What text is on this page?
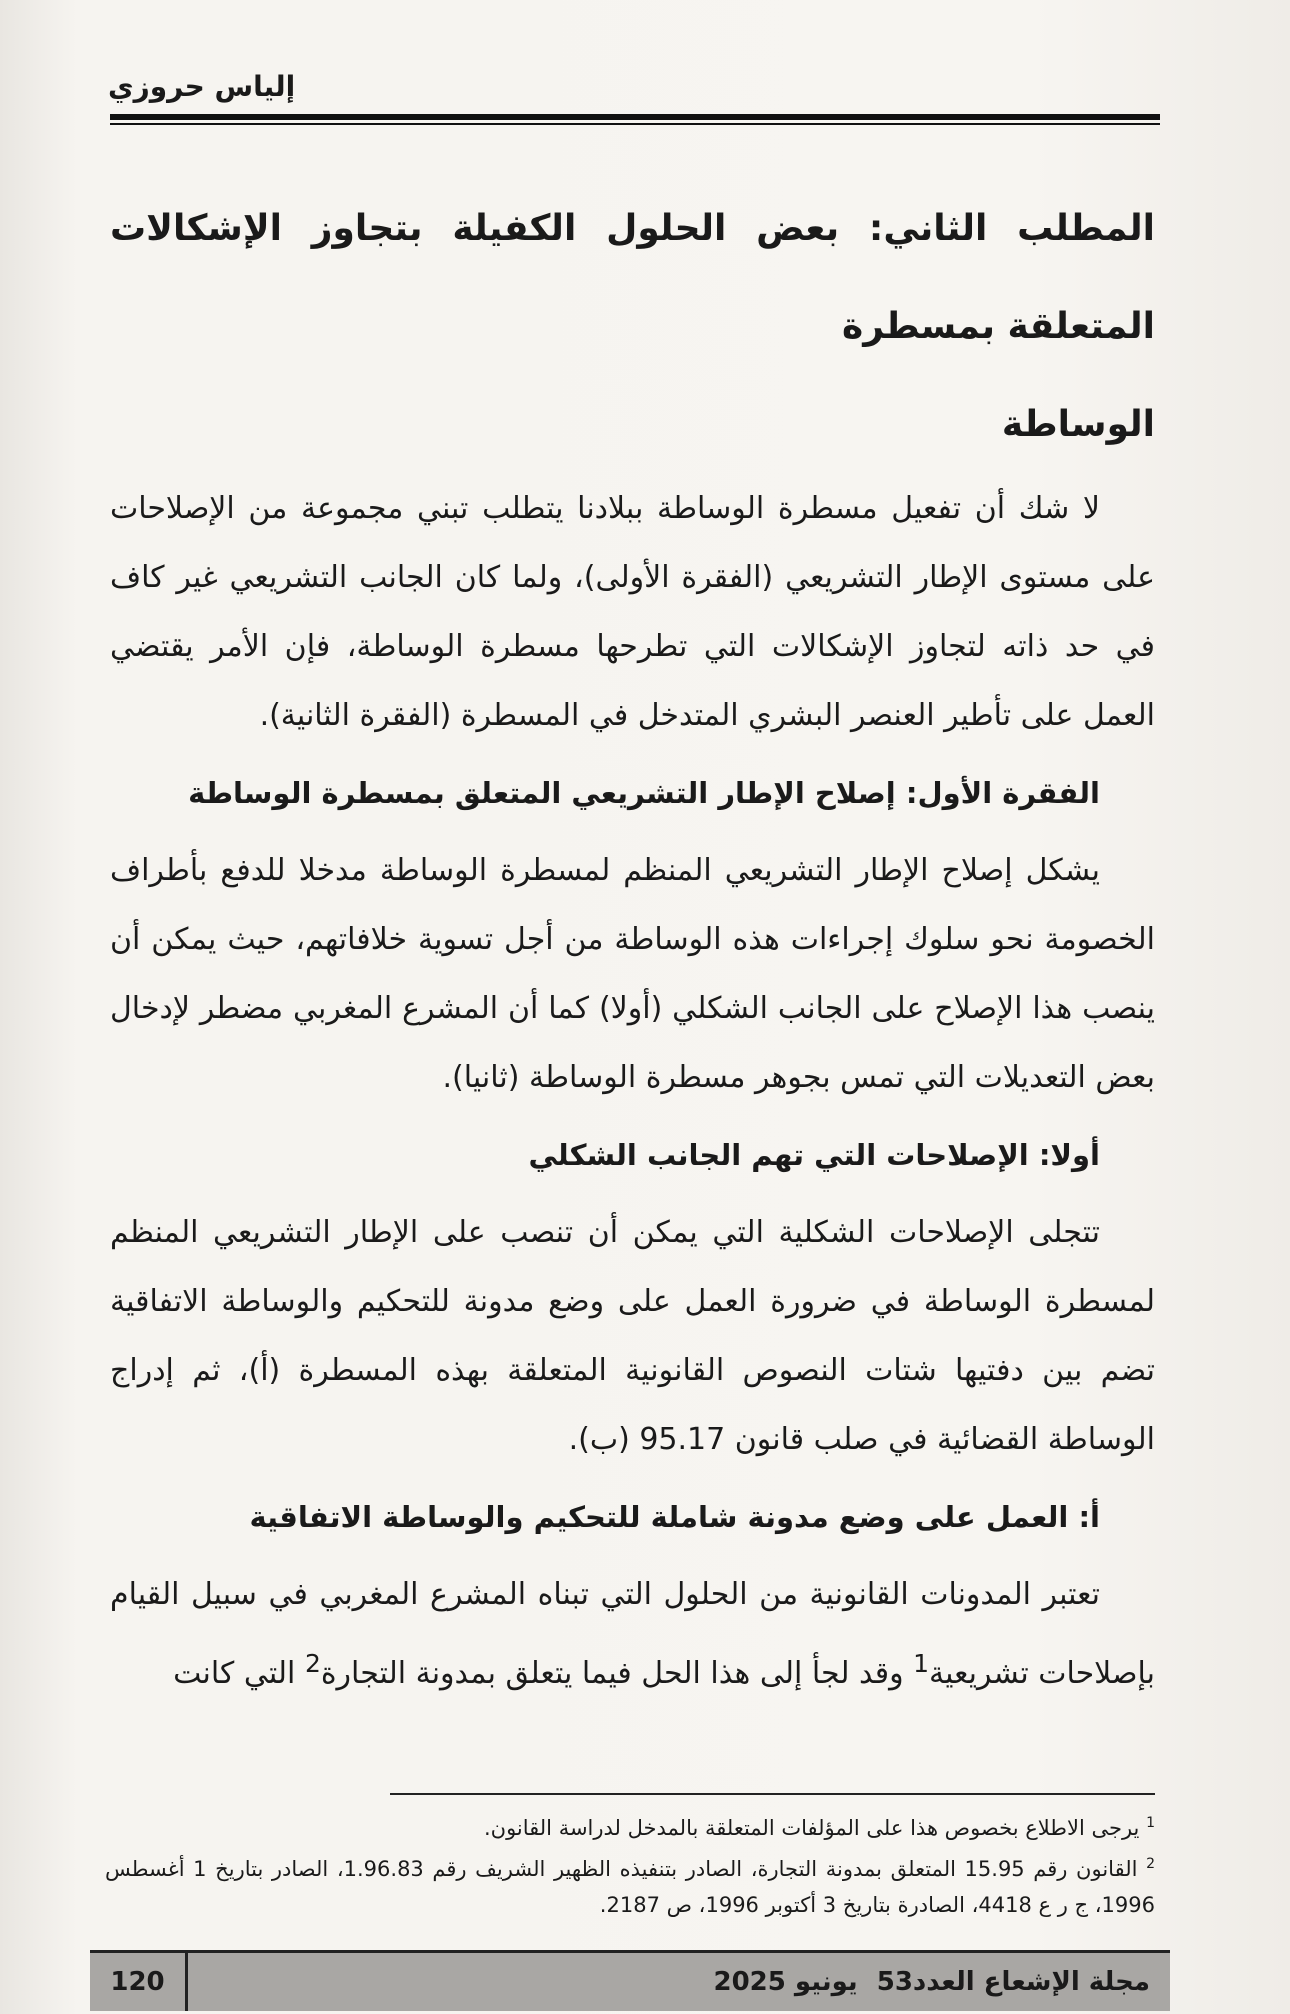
إلياس حروزي
المطلب الثاني: بعض الحلول الكفيلة بتجاوز الإشكالات المتعلقة بمسطرة
الوساطة

لا شك أن تفعيل مسطرة الوساطة ببلادنا يتطلب تبني مجموعة من الإصلاحات على مستوى الإطار التشريعي (الفقرة الأولى)، ولما كان الجانب التشريعي غير كاف في حد ذاته لتجاوز الإشكالات التي تطرحها مسطرة الوساطة، فإن الأمر يقتضي العمل على تأطير العنصر البشري المتدخل في المسطرة (الفقرة الثانية).

الفقرة الأول: إصلاح الإطار التشريعي المتعلق بمسطرة الوساطة

يشكل إصلاح الإطار التشريعي المنظم لمسطرة الوساطة مدخلا للدفع بأطراف الخصومة نحو سلوك إجراءات هذه الوساطة من أجل تسوية خلافاتهم، حيث يمكن أن ينصب هذا الإصلاح على الجانب الشكلي (أولا) كما أن المشرع المغربي مضطر لإدخال بعض التعديلات التي تمس بجوهر مسطرة الوساطة (ثانيا).

أولا: الإصلاحات التي تهم الجانب الشكلي

تتجلى الإصلاحات الشكلية التي يمكن أن تنصب على الإطار التشريعي المنظم لمسطرة الوساطة في ضرورة العمل على وضع مدونة للتحكيم والوساطة الاتفاقية تضم بين دفتيها شتات النصوص القانونية المتعلقة بهذه المسطرة (أ)، ثم إدراج الوساطة القضائية في صلب قانون 95.17 (ب).

أ: العمل على وضع مدونة شاملة للتحكيم والوساطة الاتفاقية

تعتبر المدونات القانونية من الحلول التي تبناه المشرع المغربي في سبيل القيام بإصلاحات تشريعية$^1$ وقد لجأ إلى هذا الحل فيما يتعلق بمدونة التجارة$^2$ التي كانت

$^1$ يرجى الاطلاع بخصوص هذا على المؤلفات المتعلقة بالمدخل لدراسة القانون.

$^2$ القانون رقم 15.95 المتعلق بمدونة التجارة، الصادر بتنفيذه الظهير الشريف رقم 1.96.83، الصادر بتاريخ 1 أغسطس 1996، ج ر ع 4418، الصادرة بتاريخ 3 أكتوبر 1996، ص 2187.

120	مجلة الإشعاع العدد53 يونيو 2025
